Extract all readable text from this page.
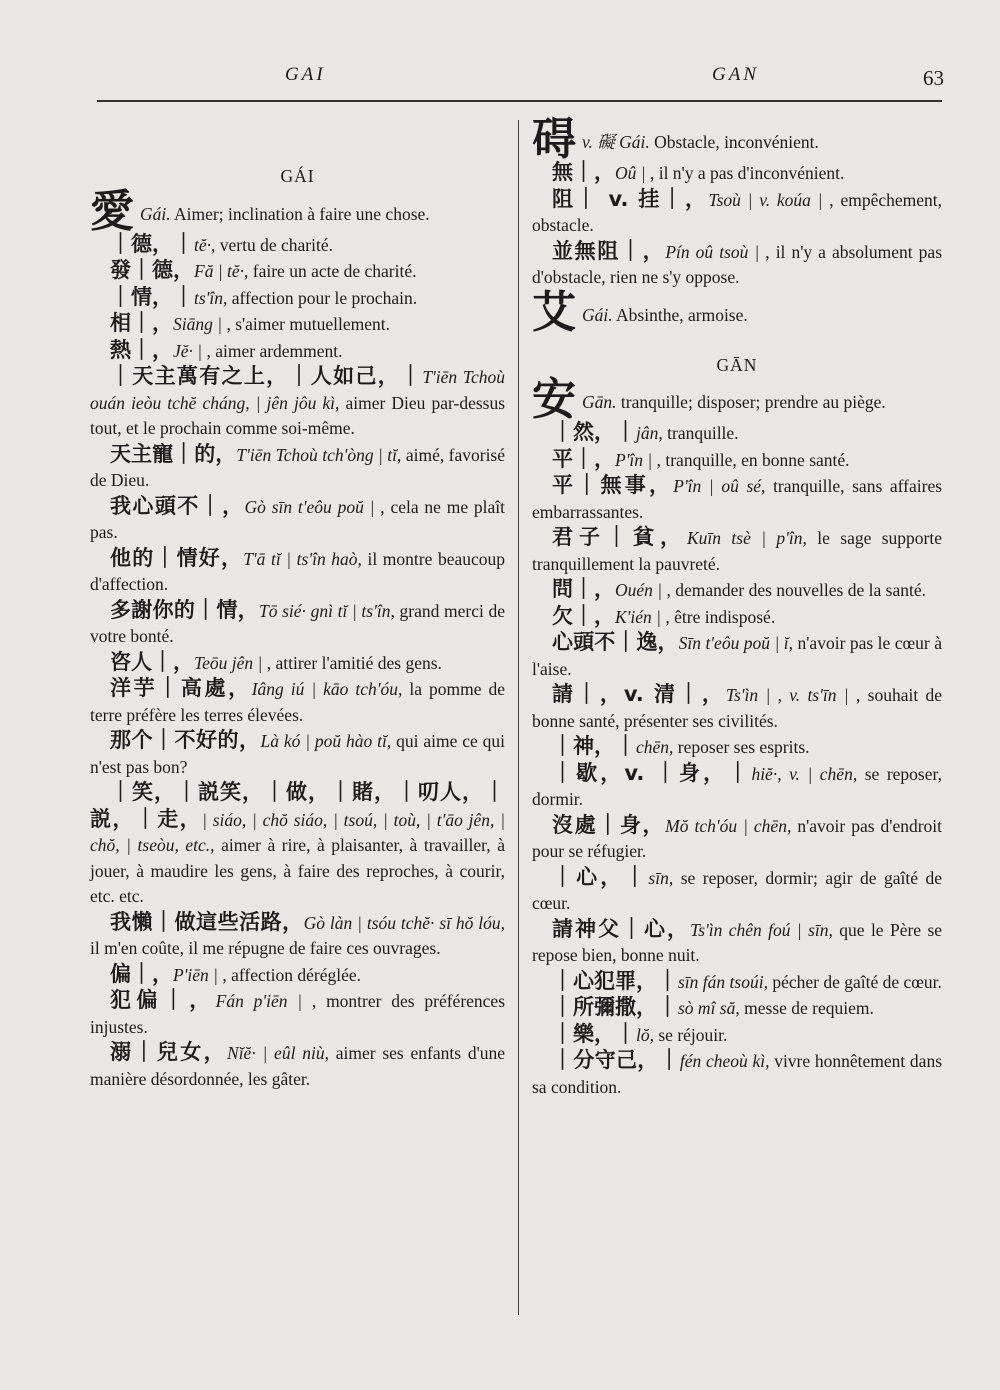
GAI	GAN	63

GÁI

愛 Gái. Aimer; inclination à faire une chose.

｜德，｜tĕ·, vertu de charité.

發｜德，Fă | tĕ·, faire un acte de charité.

｜情，｜ts'în, affection pour le prochain.

相｜，Siāng | , s'aimer mutuellement.

熱｜，Jĕ· | , aimer ardemment.

｜天主萬有之上，｜人如己，｜T'iēn Tchoù ouán ieòu tchĕ cháng, | jên jôu kì, aimer Dieu par-dessus tout, et le prochain comme soi-même.

天主寵｜的，T'iēn Tchoù tch'òng | tĭ, aimé, favorisé de Dieu.

我心頭不｜，Gò sīn t'eôu poŭ | , cela ne me plaît pas.

他的｜情好，T'ā tĭ | ts'în haò, il montre beaucoup d'affection.

多謝你的｜情，Tō sié· gnì tĭ | ts'în, grand merci de votre bonté.

咨人｜，Teōu jên | , attirer l'amitié des gens.

洋芋｜高處，Iâng iú | kāo tch'óu, la pomme de terre préfère les terres élevées.

那个｜不好的，Là kó | poŭ hào tĭ, qui aime ce qui n'est pas bon?

｜笑，｜説笑，｜做，｜賭，｜叨人，｜説，｜走，| siáo, | chŏ siáo, | tsoú, | toù, | t'āo jên, | chŏ, | tseòu, etc., aimer à rire, à plaisanter, à travailler, à jouer, à maudire les gens, à faire des reproches, à courir, etc. etc.

我懶｜做這些活路，Gò làn | tsóu tchĕ· sī hŏ lóu, il m'en coûte, il me répugne de faire ces ouvrages.

偏｜，P'iēn | , affection déréglée.

犯偏｜，Fán p'iēn | , montrer des préférences injustes.

溺｜兒女，Nĭĕ· | eûl niù, aimer ses enfants d'une manière désordonnée, les gâter.

碍v. 礙 Gái. Obstacle, inconvénient.

無｜，Oû | , il n'y a pas d'inconvénient.

阻｜ v. 挂｜，Tsoù | v. koúa | , empêchement, obstacle.

並無阻｜，Pín oû tsoù | , il n'y a absolument pas d'obstacle, rien ne s'y oppose.

艾 Gái. Absinthe, armoise.

GĀN

安 Gān. tranquille; disposer; prendre au piège.

｜然，｜jân, tranquille.

平｜，P'în | , tranquille, en bonne santé.

平｜無事，P'în | oû sé, tranquille, sans affaires embarrassantes.

君子｜貧，Kuīn tsè | p'în, le sage supporte tranquillement la pauvreté.

問｜，Ouén | , demander des nouvelles de la santé.

欠｜，K'ién | , être indisposé.

心頭不｜逸，Sīn t'eôu poŭ | ĭ, n'avoir pas le cœur à l'aise.

請｜，v. 清｜，Ts'ìn | , v. ts'īn | , souhait de bonne santé, présenter ses civilités.

｜神，｜chēn, reposer ses esprits.

｜歇，v. ｜身，｜hiĕ·, v. | chēn, se reposer, dormir.

沒處｜身，Mŏ tch'óu | chēn, n'avoir pas d'endroit pour se réfugier.

｜心，｜sīn, se reposer, dormir; agir de gaîté de cœur.

請神父｜心，Ts'ìn chên foú | sīn, que le Père se repose bien, bonne nuit.

｜心犯罪，｜sīn fán tsoúi, pécher de gaîté de cœur.

｜所彌撒，｜sò mî să, messe de requiem.

｜樂，｜lŏ, se réjouir.

｜分守己，｜fén cheoù kì, vivre honnêtement dans sa condition.
